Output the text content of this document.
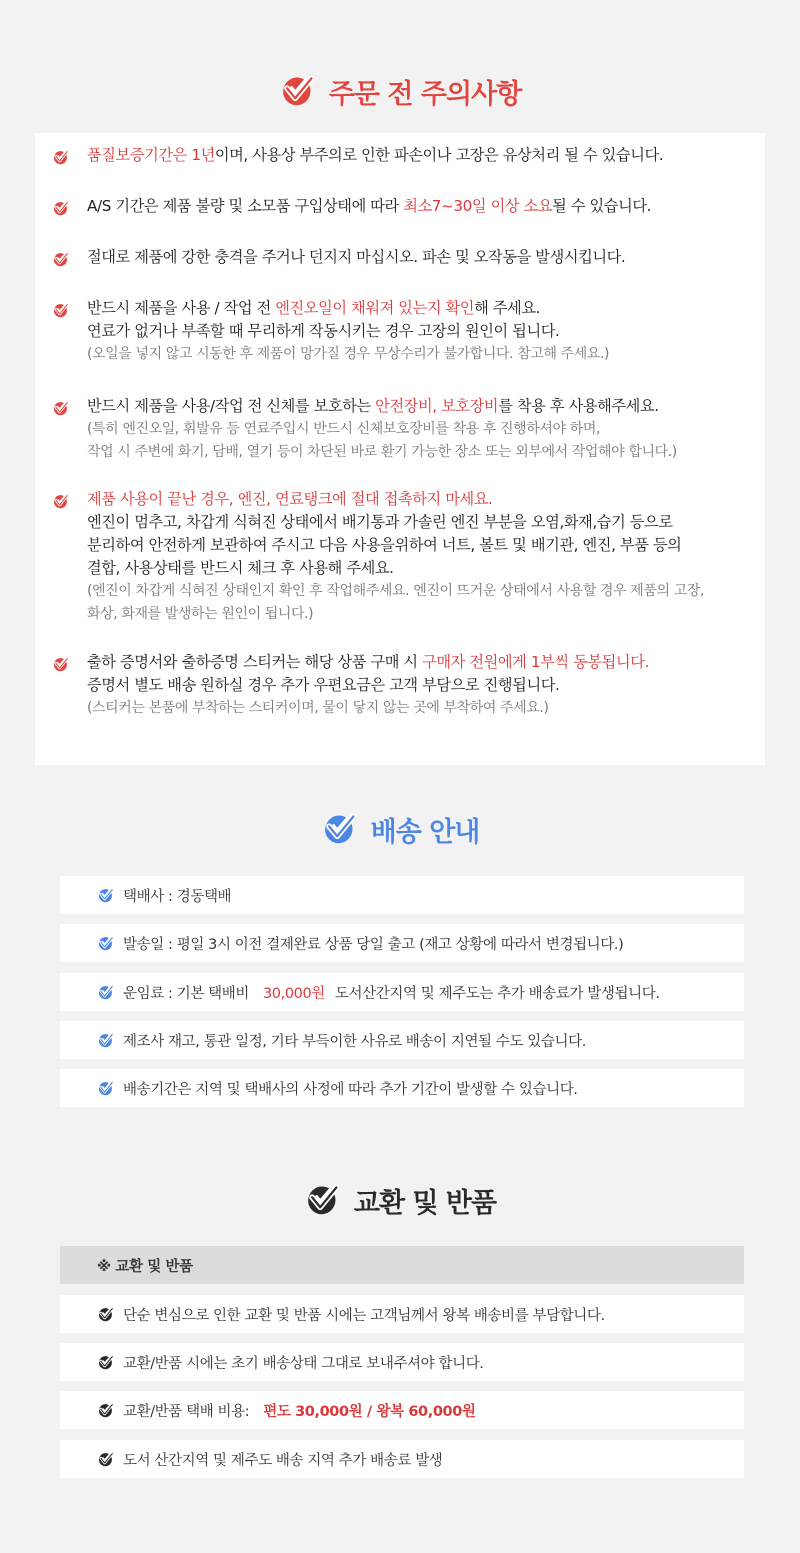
주문 전 주의사항
품질보증기간은 1년이며, 사용상 부주의로 인한 파손이나 고장은 유상처리 될 수 있습니다.
A/S 기간은 제품 불량 및 소모품 구입상태에 따라 최소7~30일 이상 소요될 수 있습니다.
절대로 제품에 강한 충격을 주거나 던지지 마십시오. 파손 및 오작동을 발생시킵니다.
반드시 제품을 사용 / 작업 전 엔진오일이 채워져 있는지 확인해 주세요.
연료가 없거나 부족할 때 무리하게 작동시키는 경우 고장의 원인이 됩니다.
(오일을 넣지 않고 시동한 후 제품이 망가질 경우 무상수리가 불가합니다. 참고해 주세요.)
반드시 제품을 사용/작업 전 신체를 보호하는 안전장비, 보호장비를 착용 후 사용해주세요.
(특히 엔진오일, 휘발유 등 연료주입시 반드시 신체보호장비를 착용 후 진행하셔야 하며,
작업 시 주변에 화기, 담배, 열기 등이 차단된 바로 환기 가능한 장소 또는 외부에서 작업해야 합니다.)
제품 사용이 끝난 경우, 엔진, 연료탱크에 절대 접촉하지 마세요.
엔진이 멈추고, 차갑게 식혀진 상태에서 배기통과 가솔린 엔진 부분을 오염,화재,습기 등으로
분리하여 안전하게 보관하여 주시고 다음 사용을위하여 너트, 볼트 및 배기관, 엔진, 부품 등의
결합, 사용상태를 반드시 체크 후 사용해 주세요.
(엔진이 차갑게 식혀진 상태인지 확인 후 작업해주세요. 엔진이 뜨거운 상태에서 사용할 경우 제품의 고장,
화상, 화재를 발생하는 원인이 됩니다.)
출하 증명서와 출하증명 스티커는 해당 상품 구매 시 구매자 전원에게 1부씩 동봉됩니다.
증명서 별도 배송 원하실 경우 추가 우편요금은 고객 부담으로 진행됩니다.
(스티커는 본품에 부착하는 스티커이며, 물이 닿지 않는 곳에 부착하여 주세요.)
배송 안내
택배사 : 경동택배
발송일 : 평일 3시 이전 결제완료 상품 당일 출고 (재고 상황에 따라서 변경됩니다.)
운임료 : 기본 택배비 30,000원 도서산간지역 및 제주도는 추가 배송료가 발생됩니다.
제조사 재고, 통관 일정, 기타 부득이한 사유로 배송이 지연될 수도 있습니다.
배송기간은 지역 및 택배사의 사정에 따라 추가 기간이 발생할 수 있습니다.
교환 및 반품
※ 교환 및 반품
단순 변심으로 인한 교환 및 반품 시에는 고객님께서 왕복 배송비를 부담합니다.
교환/반품 시에는 초기 배송상태 그대로 보내주셔야 합니다.
교환/반품 택배 비용: 편도 30,000원 / 왕복 60,000원
도서 산간지역 및 제주도 배송 지역 추가 배송료 발생
